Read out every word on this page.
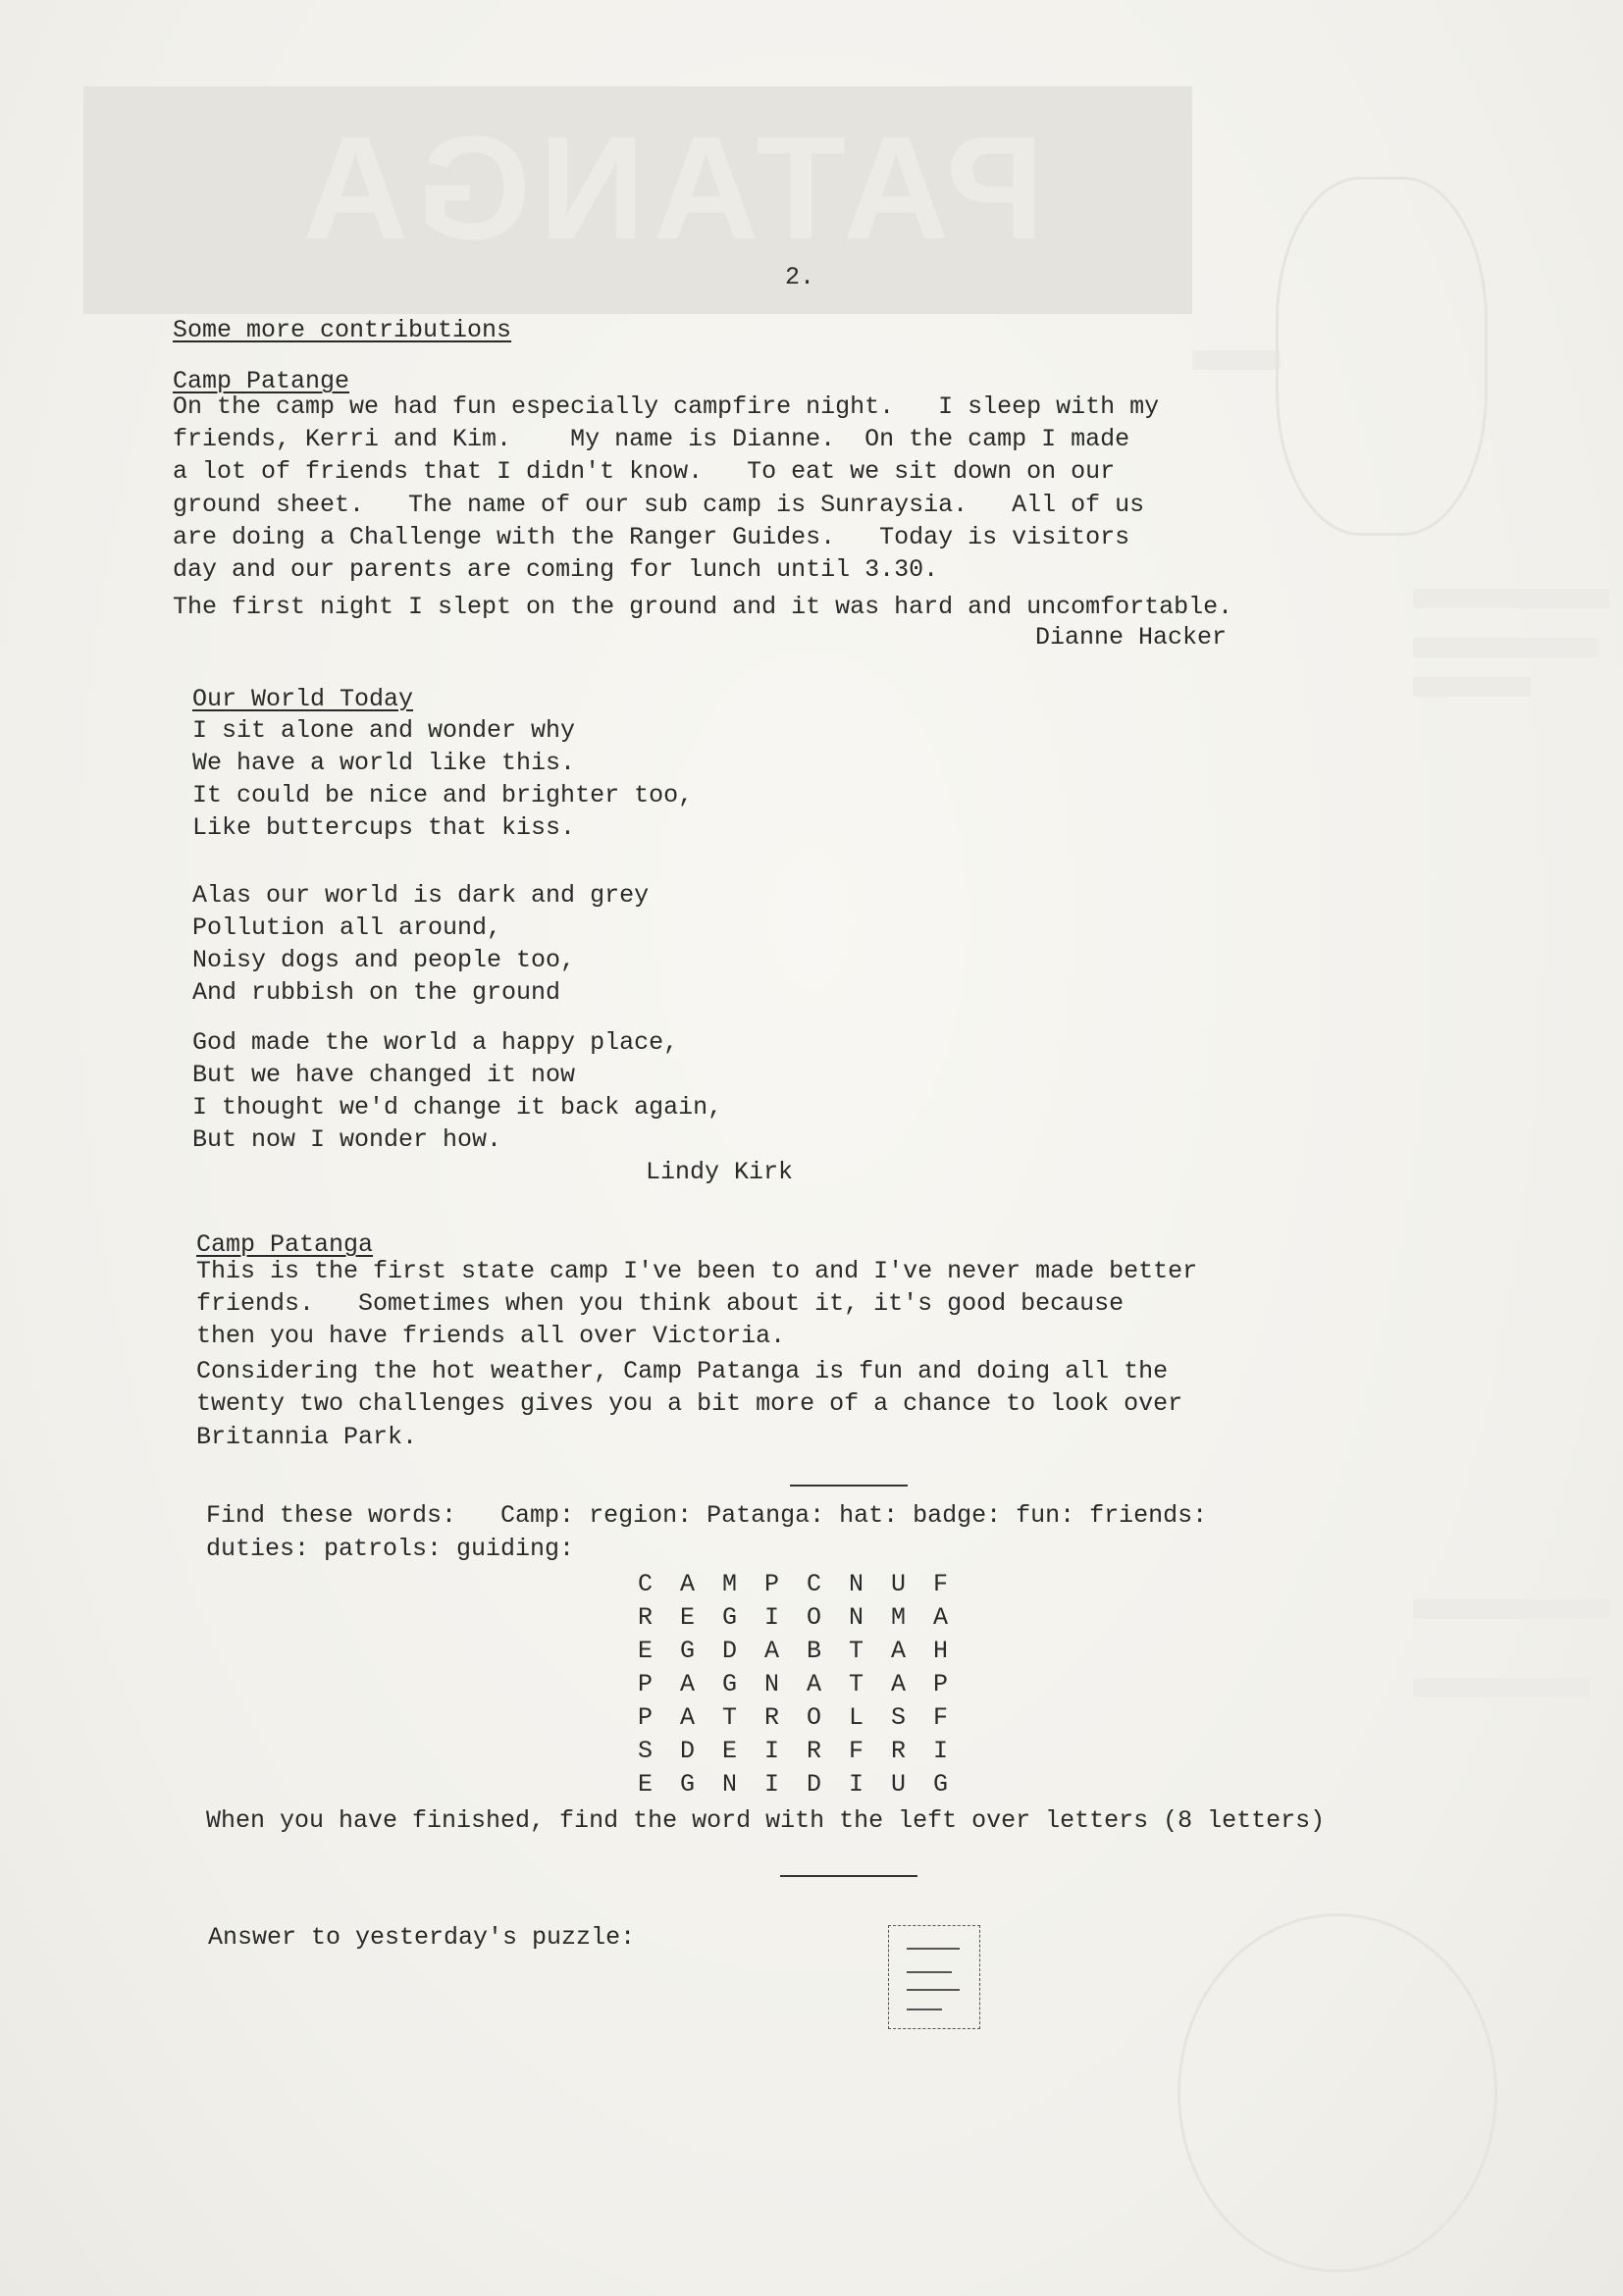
PATANGA
2.
Some more contributions
Camp Patange
On the camp we had fun especially campfire night.   I sleep with my
friends, Kerri and Kim.    My name is Dianne.  On the camp I made
a lot of friends that I didn't know.   To eat we sit down on our
ground sheet.   The name of our sub camp is Sunraysia.   All of us
are doing a Challenge with the Ranger Guides.   Today is visitors
day and our parents are coming for lunch until 3.30.
The first night I slept on the ground and it was hard and uncomfortable.
Dianne Hacker
Our World Today
I sit alone and wonder why
We have a world like this.
It could be nice and brighter too,
Like buttercups that kiss.
Alas our world is dark and grey
Pollution all around,
Noisy dogs and people too,
And rubbish on the ground
God made the world a happy place,
But we have changed it now
I thought we'd change it back again,
But now I wonder how.
Lindy Kirk
Camp Patanga
This is the first state camp I've been to and I've never made better
friends.   Sometimes when you think about it, it's good because
then you have friends all over Victoria.
Considering the hot weather, Camp Patanga is fun and doing all the
twenty two challenges gives you a bit more of a chance to look over
Britannia Park.
Find these words:   Camp: region: Patanga: hat: badge: fun: friends:
duties: patrols: guiding:
C A M P C N U F
R E G I O N M A
E G D A B T A H
P A G N A T A P
P A T R O L S F
S D E I R F R I
E G N I D I U G
When you have finished, find the word with the left over letters (8 letters)
Answer to yesterday's puzzle:
